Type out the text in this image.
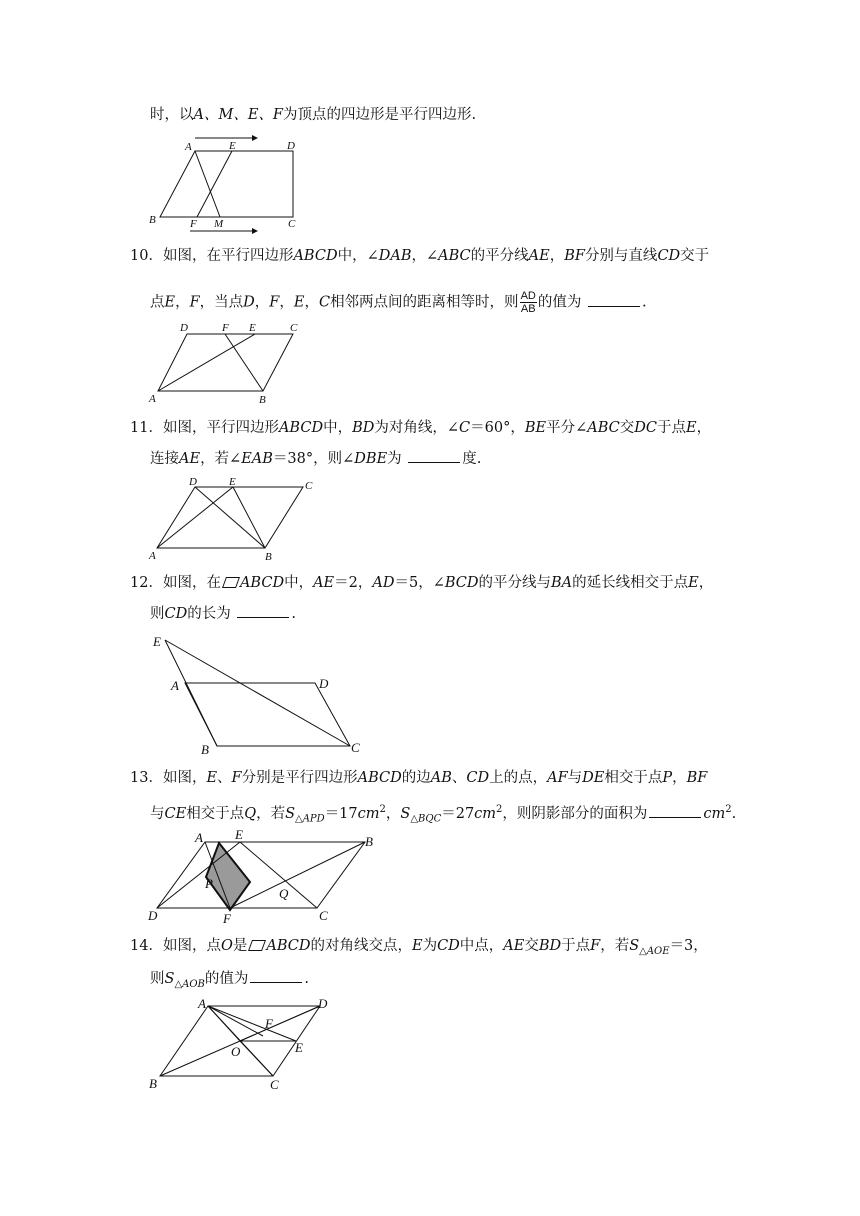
时，以A、M、E、F为顶点的四边形是平行四边形.
A	E	D
B	F M	C
10．如图，在平行四边形ABCD中，∠DAB，∠ABC的平分线AE，BF分别与直线CD交于
点E，F，当点D，F，E，C相邻两点间的距离相等时，则 $\frac{AD}{AB}$ 的值为	.
D	F E	C
A	B
11．如图，平行四边形ABCD中，BD为对角线，∠C＝60°，BE平分∠ABC交DC于点E，
连接AE，若∠EAB＝38°，则∠DBE为	度.
D	E	C
A	B
12．如图，在 ABCD中，AE＝2，AD＝5，∠BCD的平分线与BA的延长线相交于点E，
则CD的长为	.
E
A	D
B	C
13．如图，E、F分别是平行四边形ABCD的边AB、CD上的点，AF与DE相交于点P，BF
与CE相交于点Q，若$S_{\triangle APD}=17cm^2$，$S_{\triangle BQC}=27cm^2$，则阴影部分的面积为	$cm^2$.
A E	B
P
Q
D	F	C
14．如图，点O是 ABCD的对角线交点，E为CD中点，AE交BD于点F，若$S_{\triangle AOE}=3$，
则$S_{\triangle AOB}$的值为	.
A	D
F
O	E
B	C
